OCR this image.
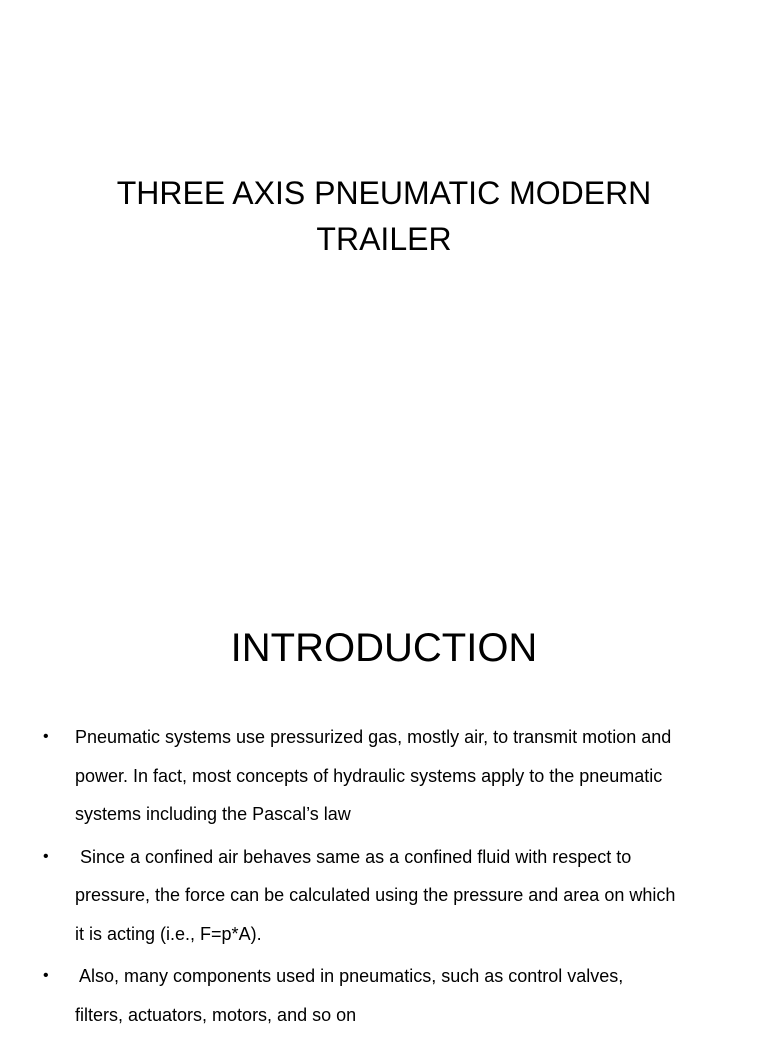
THREE AXIS PNEUMATIC MODERN
TRAILER
INTRODUCTION
• Pneumatic systems use pressurized gas, mostly air, to transmit motion and
power. In fact, most concepts of hydraulic systems apply to the pneumatic
systems including the Pascal’s law
• Since a confined air behaves same as a confined fluid with respect to
pressure, the force can be calculated using the pressure and area on which
it is acting (i.e., F=p*A).
• Also, many components used in pneumatics, such as control valves,
filters, actuators, motors, and so on
